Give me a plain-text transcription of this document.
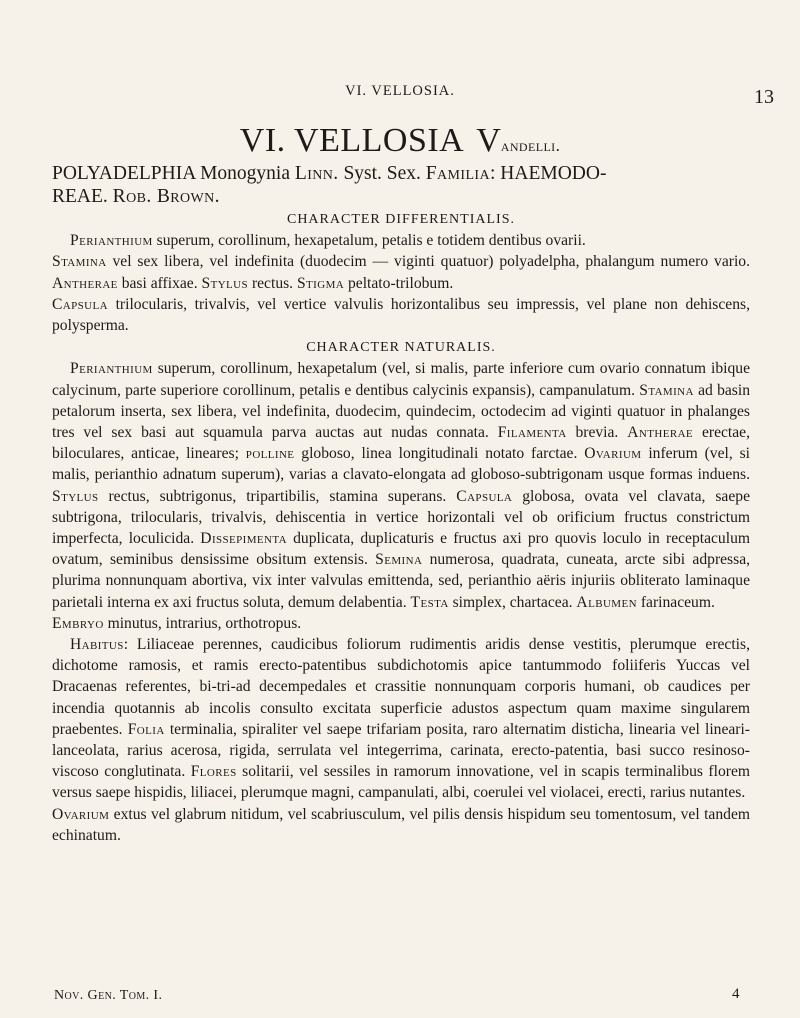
VI. VELLOSIA.	13
VI. VELLOSIA Vandelli.

POLYADELPHIA Monogynia Linn. Syst. Sex. Familia: HAEMODO-
REAE. Rob. Brown.

CHARACTER DIFFERENTIALIS.

Perianthium superum, corollinum, hexapetalum, petalis e totidem dentibus ovarii.
Stamina vel sex libera, vel indefinita (duodecim — viginti quatuor) polyadelpha, phalangum numero vario. Antherae basi affixae. Stylus rectus. Stigma peltato-trilobum.
Capsula trilocularis, trivalvis, vel vertice valvulis horizontalibus seu impressis, vel plane non dehiscens, polysperma.

CHARACTER NATURALIS.

Perianthium superum, corollinum, hexapetalum (vel, si malis, parte inferiore cum ovario connatum ibique calycinum, parte superiore corollinum, petalis e dentibus calycinis expansis), campanulatum. Stamina ad basin petalorum inserta, sex libera, vel indefinita, duodecim, quindecim, octodecim ad viginti quatuor in phalanges tres vel sex basi aut squamula parva auctas aut nudas connata. Filamenta brevia. Antherae erectae, biloculares, anticae, lineares; polline globoso, linea longitudinali notato farctae. Ovarium inferum (vel, si malis, perianthio adnatum superum), varias a clavato-elongata ad globoso-subtrigonam usque formas induens. Stylus rectus, subtrigonus, tripartibilis, stamina superans. Capsula globosa, ovata vel clavata, saepe subtrigona, trilocularis, trivalvis, dehiscentia in vertice horizontali vel ob orificium fructus constrictum imperfecta, loculicida. Dissepimenta duplicata, duplicaturis e fructus axi pro quovis loculo in receptaculum ovatum, seminibus densissime obsitum extensis. Semina numerosa, quadrata, cuneata, arcte sibi adpressa, plurima nonnunquam abortiva, vix inter valvulas emittenda, sed, perianthio aëris injuriis obliterato laminaque parietali interna ex axi fructus soluta, demum delabentia. Testa simplex, chartacea. Albumen farinaceum.
Embryo minutus, intrarius, orthotropus.

Habitus: Liliaceae perennes, caudicibus foliorum rudimentis aridis dense vestitis, plerumque erectis, dichotome ramosis, et ramis erecto-patentibus subdichotomis apice tantummodo foliiferis Yuccas vel Dracaenas referentes, bi-tri-ad decempedales et crassitie nonnunquam corporis humani, ob caudices per incendia quotannis ab incolis consulto excitata superficie adustos aspectum quam maxime singularem praebentes. Folia terminalia, spiraliter vel saepe trifariam posita, raro alternatim disticha, linearia vel lineari-lanceolata, rarius acerosa, rigida, serrulata vel integerrima, carinata, erecto-patentia, basi succo resinoso-viscoso conglutinata. Flores solitarii, vel sessiles in ramorum innovatione, vel in scapis terminalibus florem versus saepe hispidis, liliacei, plerumque magni, campanulati, albi, coerulei vel violacei, erecti, rarius nutantes.
Ovarium extus vel glabrum nitidum, vel scabriusculum, vel pilis densis hispidum seu tomentosum, vel tandem echinatum.

Nov. Gen. Tom. I.	4
